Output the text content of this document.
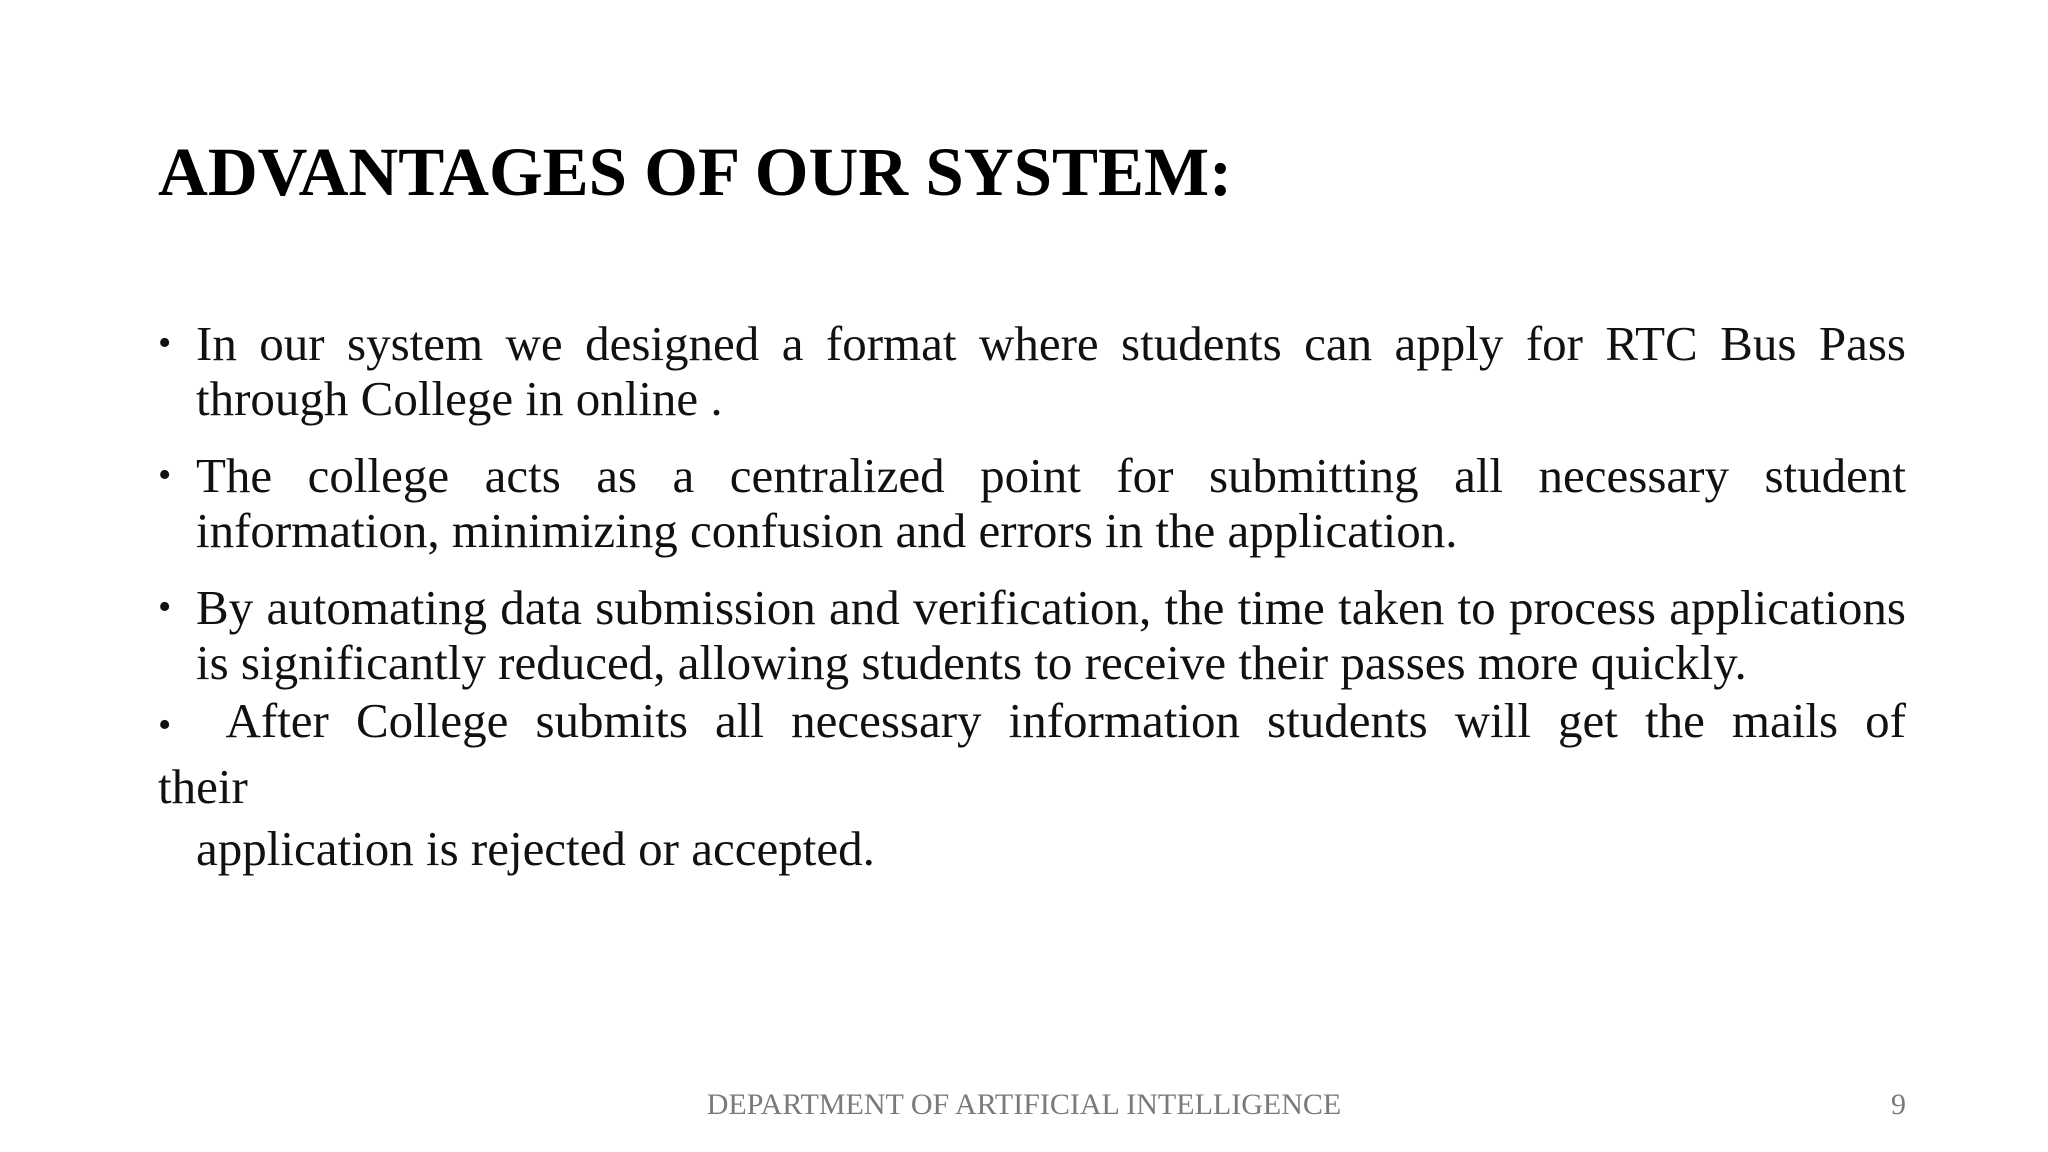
ADVANTAGES OF OUR SYSTEM:
• In our system we designed a format where students can apply for RTC Bus Pass through College in online .
• The college acts as a centralized point for submitting all necessary student information, minimizing confusion and errors in the application.
• By automating data submission and verification, the time taken to process applications is significantly reduced, allowing students to receive their passes more quickly.
• After College submits all necessary information students will get the mails of
their
application is rejected or accepted.
DEPARTMENT OF ARTIFICIAL INTELLIGENCE	9
